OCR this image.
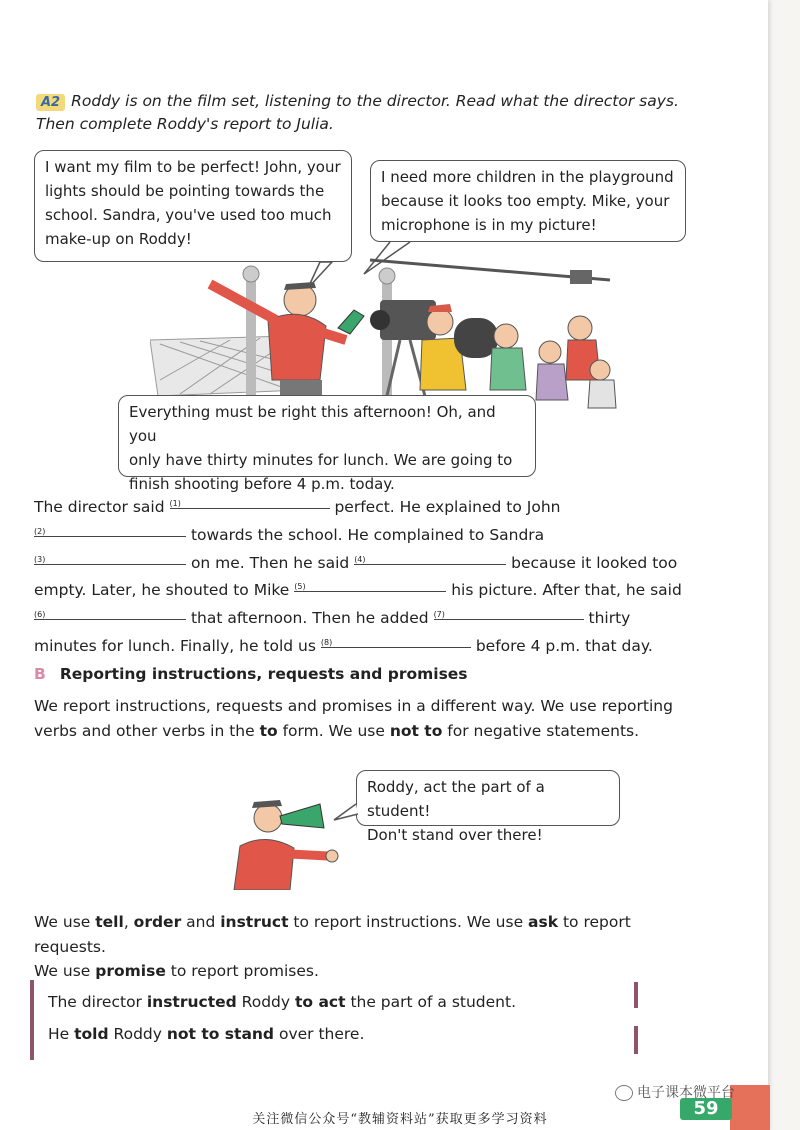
A2 Roddy is on the film set, listening to the director. Read what the director says.
Then complete Roddy's report to Julia.
I want my film to be perfect! John, your
lights should be pointing towards the
school. Sandra, you've used too much
make-up on Roddy!
I need more children in the playground
because it looks too empty. Mike, your
microphone is in my picture!
Everything must be right this afternoon! Oh, and you
only have thirty minutes for lunch. We are going to
finish shooting before 4 p.m. today.
The director said $^{(1)}$	perfect. He explained to John
$^{(2)}$	towards the school. He complained to Sandra
$^{(3)}$	on me. Then he said $^{(4)}$	because it looked too
empty. Later, he shouted to Mike $^{(5)}$	his picture. After that, he said
$^{(6)}$	that afternoon. Then he added $^{(7)}$	thirty
minutes for lunch. Finally, he told us $^{(8)}$	before 4 p.m. that day.
B Reporting instructions, requests and promises
We report instructions, requests and promises in a different way. We use reporting
verbs and other verbs in the to form. We use not to for negative statements.
Roddy, act the part of a student!
Don't stand over there!
We use tell, order and instruct to report instructions. We use ask to report requests.
We use promise to report promises.
The director instructed Roddy to act the part of a student.
He told Roddy not to stand over there.
59
电子课本微平台
关注微信公众号“教辅资料站”获取更多学习资料
